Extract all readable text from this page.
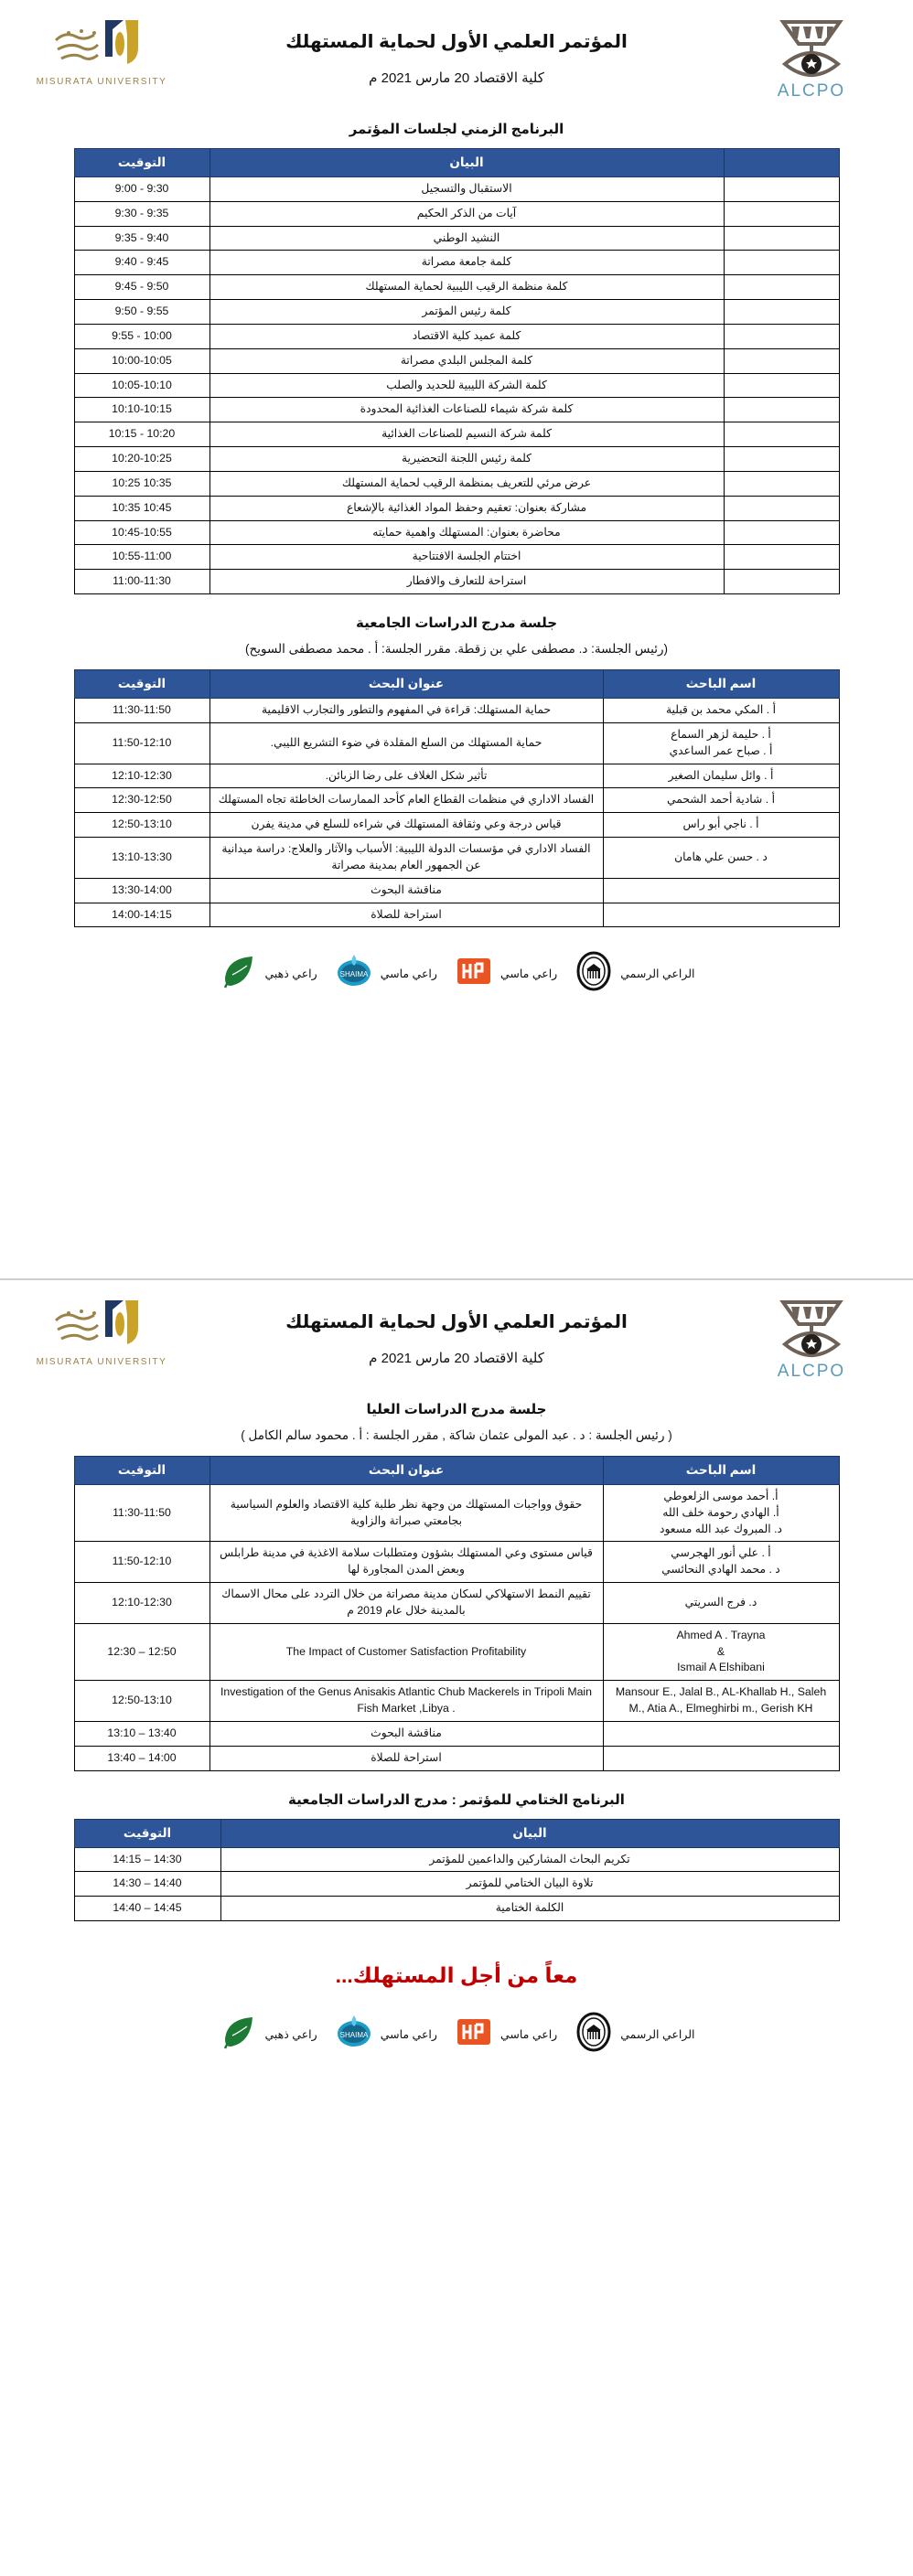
ALCPO
المؤتمر العلمي الأول لحماية المستهلك
كلية الاقتصاد 20 مارس 2021 م
MISURATA UNIVERSITY
البرنامج الزمني لجلسات المؤتمر
	البيان	التوقيت
	الاستقبال والتسجيل	9:00 - 9:30
	آيات من الذكر الحكيم	9:30 - 9:35
	النشيد الوطني	9:35 - 9:40
	كلمة جامعة مصراتة	9:40 - 9:45
	كلمة منظمة الرقيب الليبية لحماية المستهلك	9:45 - 9:50
	كلمة رئيس المؤتمر	9:50 - 9:55
	كلمة عميد كلية الاقتصاد	9:55 - 10:00
	كلمة المجلس البلدي مصراتة	10:00-10:05
	كلمة الشركة الليبية للحديد والصلب	10:05-10:10
	كلمة شركة شيماء للصناعات الغذائية المحدودة	10:10-10:15
	كلمة شركة النسيم للصناعات الغذائية	10:15 - 10:20
	كلمة رئيس اللجنة التحضيرية	10:20-10:25
	عرض مرئي للتعريف بمنظمة الرقيب لحماية المستهلك	10:25 10:35
	مشاركة بعنوان: تعقيم وحفظ المواد الغذائية بالإشعاع	10:35 10:45
	محاضرة بعنوان: المستهلك واهمية حمايته	10:45-10:55
	اختتام الجلسة الافتتاحية	10:55-11:00
	استراحة للتعارف والافطار	11:00-11:30
جلسة مدرج الدراسات الجامعية
(رئيس الجلسة: د. مصطفى علي بن زقطة. مقرر الجلسة: أ . محمد مصطفى السويح)
اسم الباحث	عنوان البحث	التوقيت
أ . المكي محمد بن قبلية	حماية المستهلك: قراءة في المفهوم والتطور والتجارب الاقليمية	11:30-11:50
أ . حليمة لزهر السماع
أ . صباح عمر الساعدي	حماية المستهلك من السلع المقلدة في ضوء التشريع الليبي.	11:50-12:10
أ . وائل سليمان الصغير	تأثير شكل الغلاف على رضا الزبائن.	12:10-12:30
أ . شادية أحمد الشحمي	الفساد الاداري في منظمات القطاع العام كأحد الممارسات الخاطئة تجاه المستهلك	12:30-12:50
أ . ناجي أبو راس	قياس درجة وعي وثقافة المستهلك في شراءه للسلع في مدينة يفرن	12:50-13:10
د . حسن علي هامان	الفساد الاداري في مؤسسات الدولة الليبية: الأسباب والآثار والعلاج: دراسة ميدانية عن الجمهور العام بمدينة مصراتة	13:10-13:30
	مناقشة البحوث	13:30-14:00
	استراحة للصلاة	14:00-14:15
الراعي الرسمي
راعي ماسي
راعي ماسي
SHAIMA
راعي ذهبي
ALCPO
المؤتمر العلمي الأول لحماية المستهلك
كلية الاقتصاد 20 مارس 2021 م
MISURATA UNIVERSITY
جلسة مدرج الدراسات العليا
( رئيس الجلسة : د . عبد المولى عثمان شاكة , مقرر الجلسة : أ . محمود سالم الكامل )
اسم الباحث	عنوان البحث	التوقيت
أ. أحمد موسى الزلعوطي
أ. الهادي رحومة خلف الله
د. المبروك عبد الله مسعود	حقوق وواجبات المستهلك من وجهة نظر طلبة كلية الاقتصاد والعلوم السياسية بجامعتي صبراتة والزاوية	11:30-11:50
أ . علي أنور الهجرسي
د . محمد الهادي النحائسي	قياس مستوى وعي المستهلك بشؤون ومتطلبات سلامة الاغذية في مدينة طرابلس وبعض المدن المجاورة لها	11:50-12:10
د. فرج السريتي	تقييم النمط الاستهلاكي لسكان مدينة مصراتة من خلال التردد على محال الاسماك بالمدينة خلال عام 2019 م	12:10-12:30
Ahmed A . Trayna
&
Ismail A Elshibani	The Impact of Customer Satisfaction Profitability	12:30 – 12:50
Mansour E., Jalal B., AL-Khallab H., Saleh M., Atia A., Elmeghirbi m., Gerish KH	Investigation of the Genus Anisakis Atlantic Chub Mackerels in Tripoli Main Fish Market ,Libya .	12:50-13:10
	مناقشة البحوث	13:10 – 13:40
	استراحة للصلاة	13:40 – 14:00
البرنامج الختامي للمؤتمر : مدرج الدراسات الجامعية
البيان	التوقيت
تكريم البحاث المشاركين والداعمين للمؤتمر	14:15 – 14:30
تلاوة البيان الختامي للمؤتمر	14:30 – 14:40
الكلمة الختامية	14:40 – 14:45
معاً من أجل المستهلك...
الراعي الرسمي
راعي ماسي
راعي ماسي
SHAIMA
راعي ذهبي
